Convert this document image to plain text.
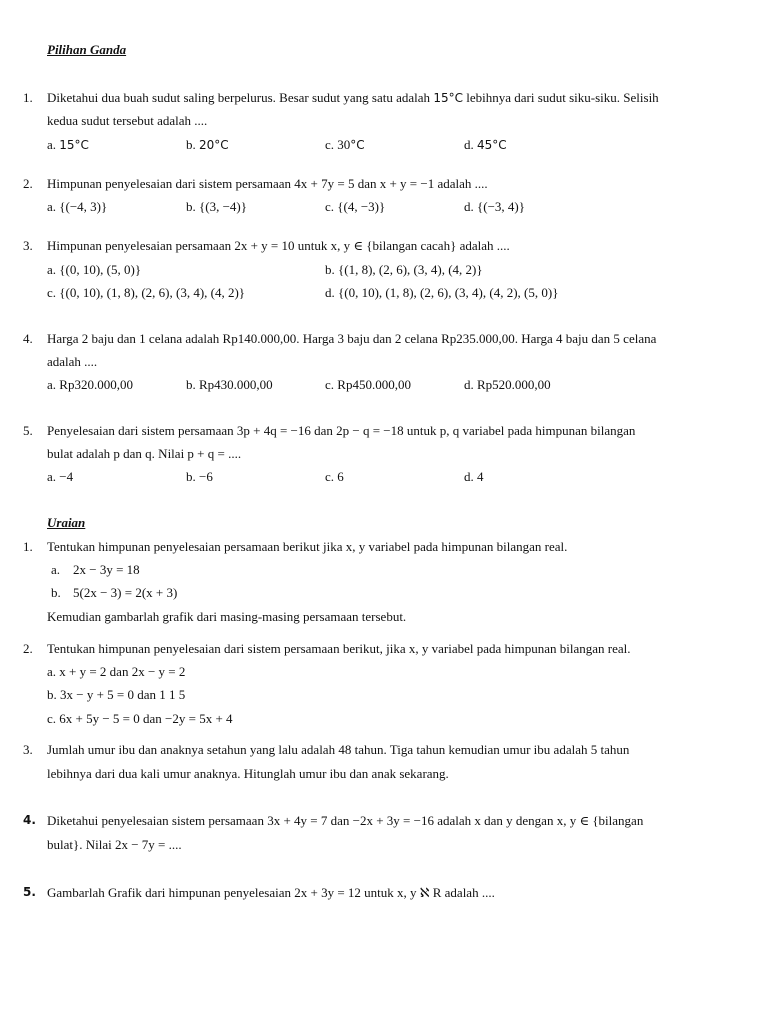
Pilihan Ganda
1. Diketahui dua buah sudut saling berpelurus. Besar sudut yang satu adalah 15°C lebihnya dari sudut siku-siku. Selisih
kedua sudut tersebut adalah ....
a. 15°C	b. 20°C	c. 30°C	d. 45°C
2. Himpunan penyelesaian dari sistem persamaan 4x + 7y = 5 dan x + y = −1 adalah ....
a. {(−4, 3)}	b. {(3, −4)}	c. {(4, −3)}	d. {(−3, 4)}
3. Himpunan penyelesaian persamaan 2x + y = 10 untuk x, y ∈ {bilangan cacah} adalah ....
a. {(0, 10), (5, 0)}	b. {(1, 8), (2, 6), (3, 4), (4, 2)}
c. {(0, 10), (1, 8), (2, 6), (3, 4), (4, 2)}	d. {(0, 10), (1, 8), (2, 6), (3, 4), (4, 2), (5, 0)}
4. Harga 2 baju dan 1 celana adalah Rp140.000,00. Harga 3 baju dan 2 celana Rp235.000,00. Harga 4 baju dan 5 celana
adalah ....
a. Rp320.000,00	b. Rp430.000,00	c. Rp450.000,00	d. Rp520.000,00
5. Penyelesaian dari sistem persamaan 3p + 4q = −16 dan 2p − q = −18 untuk p, q variabel pada himpunan bilangan
bulat adalah p dan q. Nilai p + q = ....
a. −4	b. −6	c. 6	d. 4
Uraian
1. Tentukan himpunan penyelesaian persamaan berikut jika x, y variabel pada himpunan bilangan real.
a. 2x − 3y = 18
b. 5(2x − 3) = 2(x + 3)
Kemudian gambarlah grafik dari masing-masing persamaan tersebut.
2. Tentukan himpunan penyelesaian dari sistem persamaan berikut, jika x, y variabel pada himpunan bilangan real.
a. x + y = 2 dan 2x − y = 2
b. 3x − y + 5 = 0 dan 1 1 5
c. 6x + 5y − 5 = 0 dan −2y = 5x + 4
3. Jumlah umur ibu dan anaknya setahun yang lalu adalah 48 tahun. Tiga tahun kemudian umur ibu adalah 5 tahun
lebihnya dari dua kali umur anaknya. Hitunglah umur ibu dan anak sekarang.
4. Diketahui penyelesaian sistem persamaan 3x + 4y = 7 dan −2x + 3y = −16 adalah x dan y dengan x, y ∈ {bilangan
bulat}. Nilai 2x − 7y = ....
5. Gambarlah Grafik dari himpunan penyelesaian 2x + 3y = 12 untuk x, y ℵ R adalah ....
